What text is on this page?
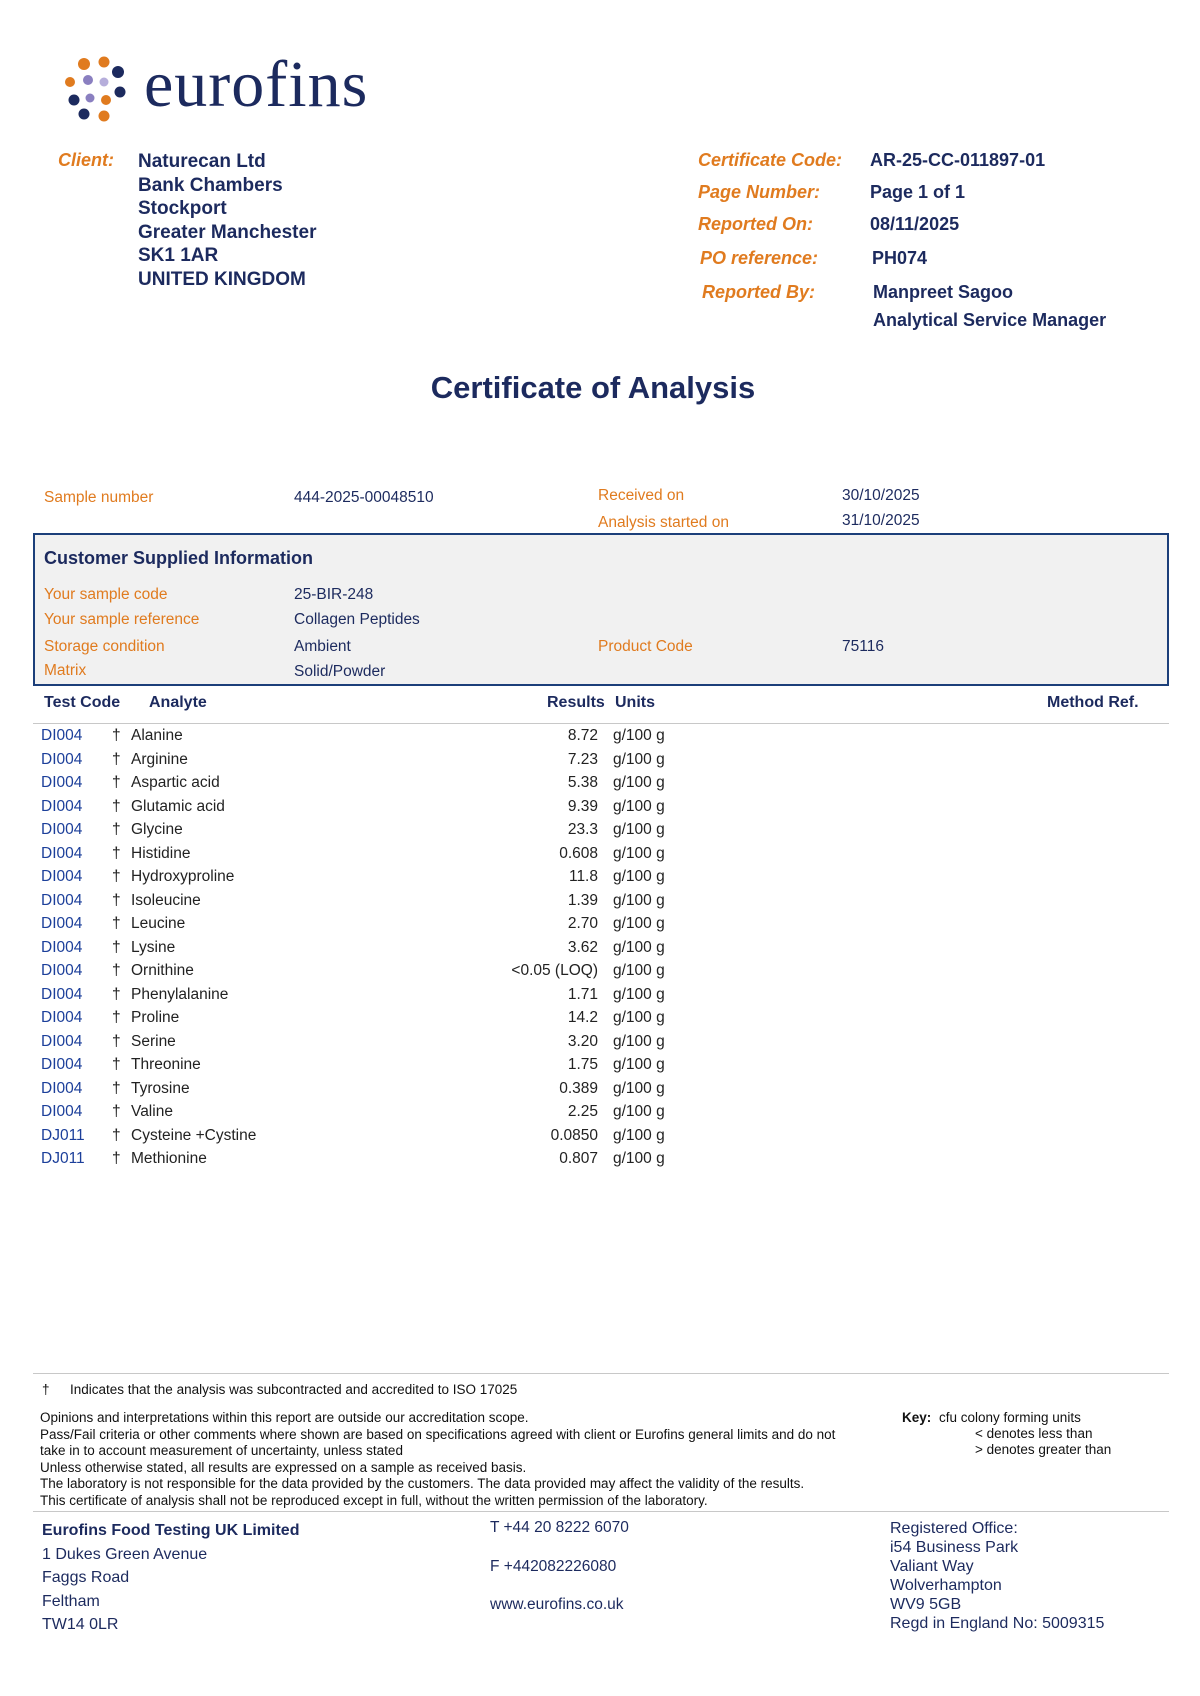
eurofins
Client: Naturecan Ltd
Bank Chambers
Stockport
Greater Manchester
SK1 1AR
UNITED KINGDOM
Certificate Code: AR-25-CC-011897-01
Page Number:	Page 1 of 1
Reported On:	08/11/2025
PO reference:	PH074
Reported By:	Manpreet Sagoo
Analytical Service Manager
Certificate of Analysis
Sample number	444-2025-00048510	Received on	30/10/2025
Analysis started on	31/10/2025
Customer Supplied Information
Your sample code	25-BIR-248
Your sample reference	Collagen Peptides
Storage condition	Ambient	Product Code	75116
Matrix	Solid/Powder
Test Code Analyte	Results Units	Method Ref.
DI004 † Alanine	8.72 g/100 g
DI004 † Arginine	7.23 g/100 g
DI004 † Aspartic acid	5.38 g/100 g
DI004 † Glutamic acid	9.39 g/100 g
DI004 † Glycine	23.3 g/100 g
DI004 † Histidine	0.608 g/100 g
DI004 † Hydroxyproline	11.8 g/100 g
DI004 † Isoleucine	1.39 g/100 g
DI004 † Leucine	2.70 g/100 g
DI004 † Lysine	3.62 g/100 g
DI004 † Ornithine	<0.05 (LOQ) g/100 g
DI004 † Phenylalanine	1.71 g/100 g
DI004 † Proline	14.2 g/100 g
DI004 † Serine	3.20 g/100 g
DI004 † Threonine	1.75 g/100 g
DI004 † Tyrosine	0.389 g/100 g
DI004 † Valine	2.25 g/100 g
DJ011 † Cysteine +Cystine	0.0850 g/100 g
DJ011 † Methionine	0.807 g/100 g
† Indicates that the analysis was subcontracted and accredited to ISO 17025
Opinions and interpretations within this report are outside our accreditation scope.
Pass/Fail criteria or other comments where shown are based on specifications agreed with client or Eurofins general limits and do not
take in to account measurement of uncertainty, unless stated
Unless otherwise stated, all results are expressed on a sample as received basis.
The laboratory is not responsible for the data provided by the customers. The data provided may affect the validity of the results.
This certificate of analysis shall not be reproduced except in full, without the written permission of the laboratory.
Key: cfu colony forming units
< denotes less than
> denotes greater than
Eurofins Food Testing UK Limited
1 Dukes Green Avenue
Faggs Road
Feltham
TW14 0LR
T +44 20 8222 6070
F +442082226080
www.eurofins.co.uk
Registered Office:
i54 Business Park
Valiant Way
Wolverhampton
WV9 5GB
Regd in England No: 5009315
